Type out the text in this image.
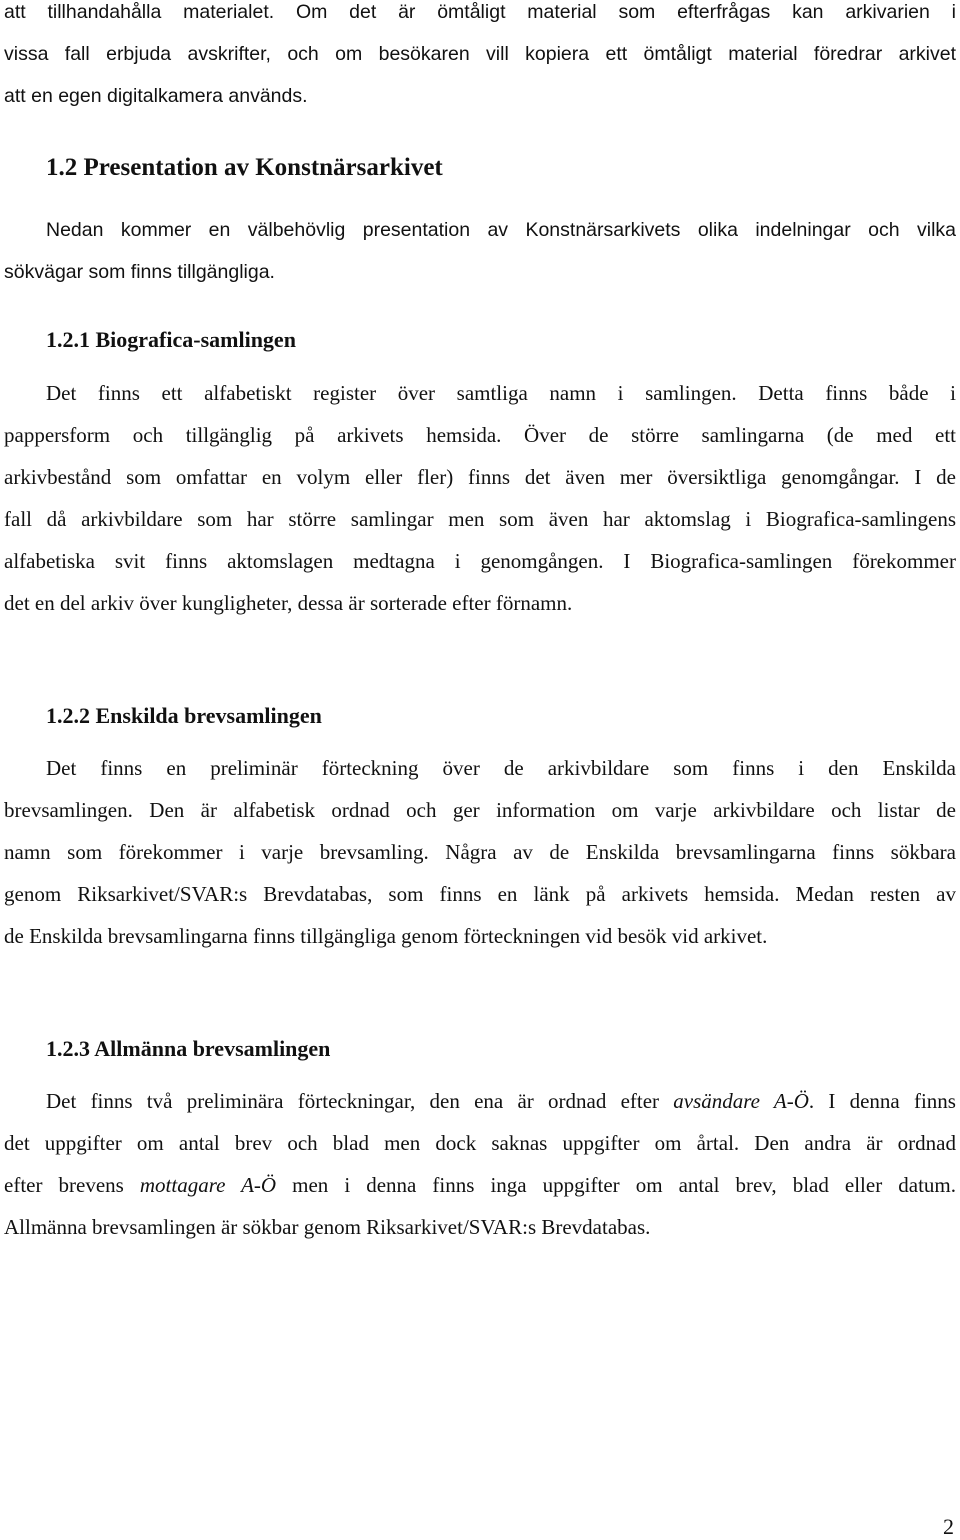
att tillhandahålla materialet. Om det är ömtåligt material som efterfrågas kan arkivarien i
vissa fall erbjuda avskrifter, och om besökaren vill kopiera ett ömtåligt material föredrar arkivet
att en egen digitalkamera används.
1.2 Presentation av Konstnärsarkivet
Nedan kommer en välbehövlig presentation av Konstnärsarkivets olika indelningar och vilka
sökvägar som finns tillgängliga.
1.2.1 Biografica-samlingen
Det finns ett alfabetiskt register över samtliga namn i samlingen. Detta finns både i
pappersform och tillgänglig på arkivets hemsida. Över de större samlingarna (de med ett
arkivbestånd som omfattar en volym eller fler) finns det även mer översiktliga genomgångar. I de
fall då arkivbildare som har större samlingar men som även har aktomslag i Biografica-samlingens
alfabetiska svit finns aktomslagen medtagna i genomgången. I Biografica-samlingen förekommer
det en del arkiv över kungligheter, dessa är sorterade efter förnamn.
1.2.2 Enskilda brevsamlingen
Det finns en preliminär förteckning över de arkivbildare som finns i den Enskilda
brevsamlingen. Den är alfabetisk ordnad och ger information om varje arkivbildare och listar de
namn som förekommer i varje brevsamling. Några av de Enskilda brevsamlingarna finns sökbara
genom Riksarkivet/SVAR:s Brevdatabas, som finns en länk på arkivets hemsida. Medan resten av
de Enskilda brevsamlingarna finns tillgängliga genom förteckningen vid besök vid arkivet.
1.2.3 Allmänna brevsamlingen
Det finns två preliminära förteckningar, den ena är ordnad efter avsändare A-Ö. I denna finns
det uppgifter om antal brev och blad men dock saknas uppgifter om årtal. Den andra är ordnad
efter brevens mottagare A-Ö men i denna finns inga uppgifter om antal brev, blad eller datum.
Allmänna brevsamlingen är sökbar genom Riksarkivet/SVAR:s Brevdatabas.
2
